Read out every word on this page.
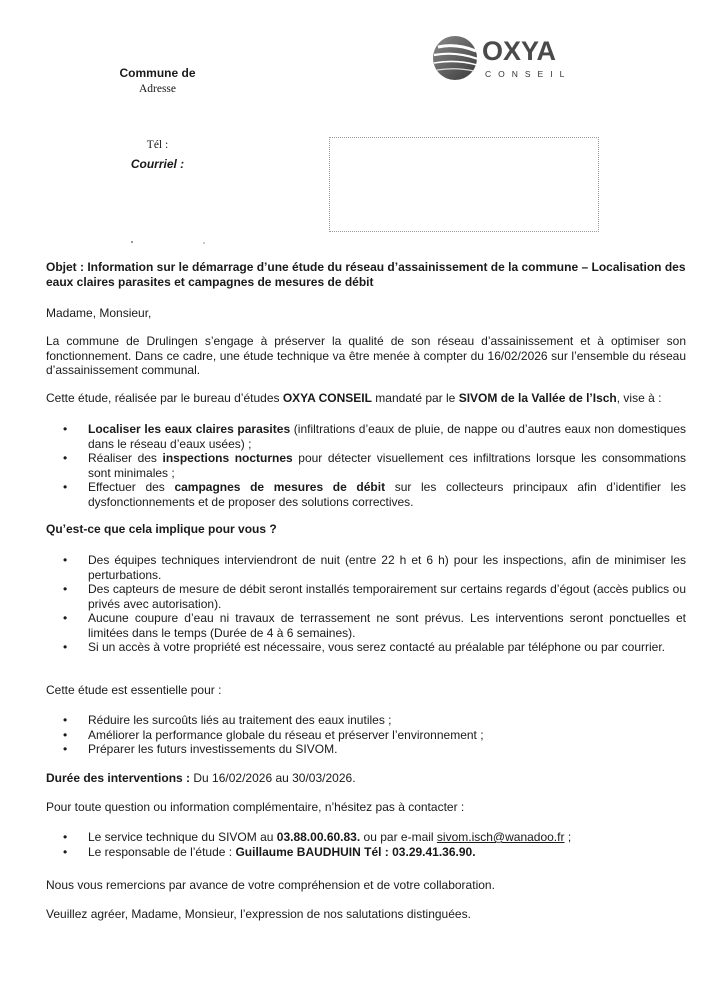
Commune de
Adresse
Tél :
Courriel :
OXYA
CONSEIL

Objet : Information sur le démarrage d’une étude du réseau d’assainissement de la commune – Localisation des eaux claires parasites et campagnes de mesures de débit

Madame, Monsieur,

La commune de Drulingen s’engage à préserver la qualité de son réseau d’assainissement et à optimiser son fonctionnement. Dans ce cadre, une étude technique va être menée à compter du 16/02/2026 sur l’ensemble du réseau d’assainissement communal.

Cette étude, réalisée par le bureau d’études OXYA CONSEIL mandaté par le SIVOM de la Vallée de l’Isch, vise à :

• Localiser les eaux claires parasites (infiltrations d’eaux de pluie, de nappe ou d’autres eaux non domestiques dans le réseau d’eaux usées) ;
• Réaliser des inspections nocturnes pour détecter visuellement ces infiltrations lorsque les consommations sont minimales ;
• Effectuer des campagnes de mesures de débit sur les collecteurs principaux afin d’identifier les dysfonctionnements et de proposer des solutions correctives.

Qu’est-ce que cela implique pour vous ?

• Des équipes techniques interviendront de nuit (entre 22 h et 6 h) pour les inspections, afin de minimiser les perturbations.
• Des capteurs de mesure de débit seront installés temporairement sur certains regards d’égout (accès publics ou privés avec autorisation).
• Aucune coupure d’eau ni travaux de terrassement ne sont prévus. Les interventions seront ponctuelles et limitées dans le temps (Durée de 4 à 6 semaines).
• Si un accès à votre propriété est nécessaire, vous serez contacté au préalable par téléphone ou par courrier.

Cette étude est essentielle pour :

• Réduire les surcoûts liés au traitement des eaux inutiles ;
• Améliorer la performance globale du réseau et préserver l’environnement ;
• Préparer les futurs investissements du SIVOM.

Durée des interventions : Du 16/02/2026 au 30/03/2026.

Pour toute question ou information complémentaire, n’hésitez pas à contacter :

• Le service technique du SIVOM au 03.88.00.60.83. ou par e-mail sivom.isch@wanadoo.fr ;
• Le responsable de l’étude : Guillaume BAUDHUIN Tél : 03.29.41.36.90.

Nous vous remercions par avance de votre compréhension et de votre collaboration.

Veuillez agréer, Madame, Monsieur, l’expression de nos salutations distinguées.
